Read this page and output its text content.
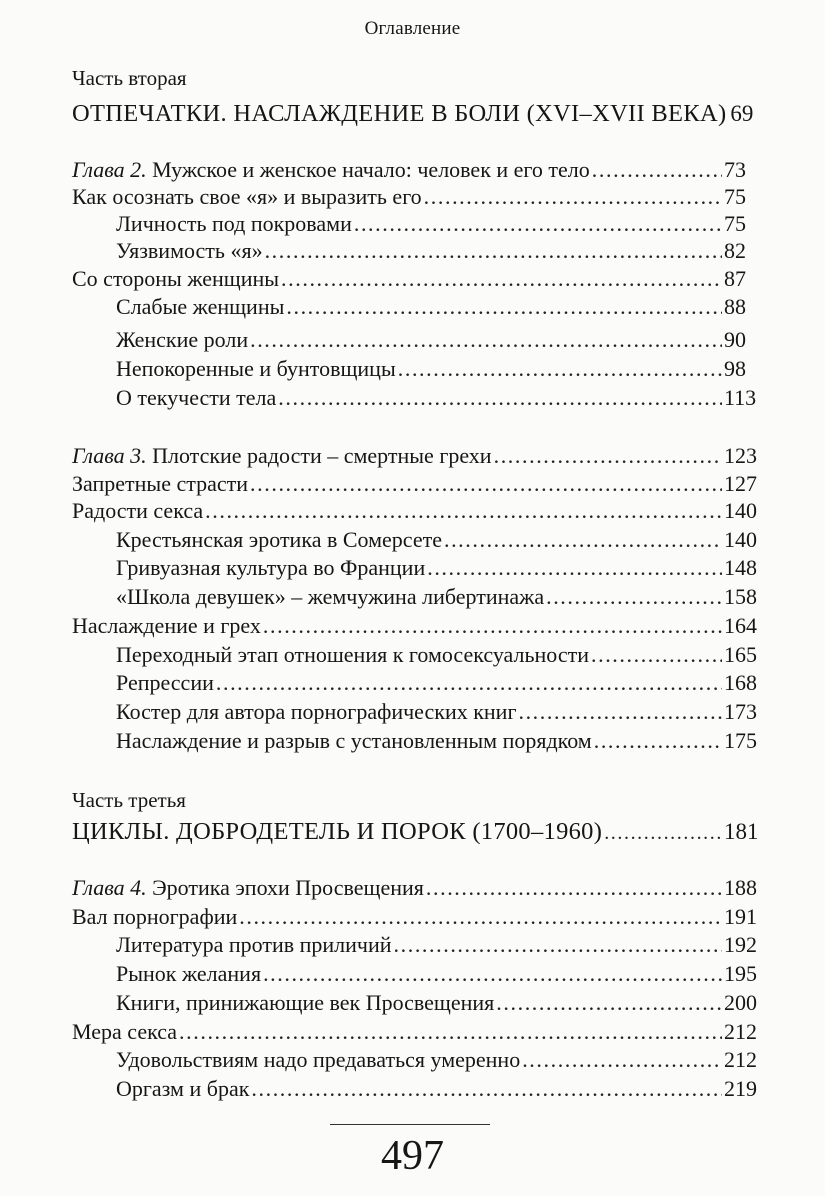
Оглавление
Часть вторая
ОТПЕЧАТКИ. НАСЛАЖДЕНИЕ В БОЛИ (XVI–XVII ВЕКА) 69
Глава 2. Мужское и женское начало: человек и его тело .....	73
Как осознать свое «я» и выразить его .....	75
Личность под покровами .....	75
Уязвимость «я» .....	82
Со стороны женщины .....	87
Слабые женщины .....	88
Женские роли .....	90
Непокоренные и бунтовщицы .....	98
О текучести тела .....	113
Глава 3. Плотские радости – смертные грехи .....	123
Запретные страсти .....	127
Радости секса .....	140
Крестьянская эротика в Сомерсете .....	140
Гривуазная культура во Франции .....	148
«Школа девушек» – жемчужина либертинажа .....	158
Наслаждение и грех .....	164
Переходный этап отношения к гомосексуальности .....	165
Репрессии .....	168
Костер для автора порнографических книг .....	173
Наслаждение и разрыв с установленным порядком .....	175
Часть третья
ЦИКЛЫ. ДОБРОДЕТЕЛЬ И ПОРОК (1700–1960) .....	181
Глава 4. Эротика эпохи Просвещения .....	188
Вал порнографии .....	191
Литература против приличий .....	192
Рынок желания .....	195
Книги, принижающие век Просвещения .....	200
Мера секса .....	212
Удовольствиям надо предаваться умеренно .....	212
Оргазм и брак .....	219
497
